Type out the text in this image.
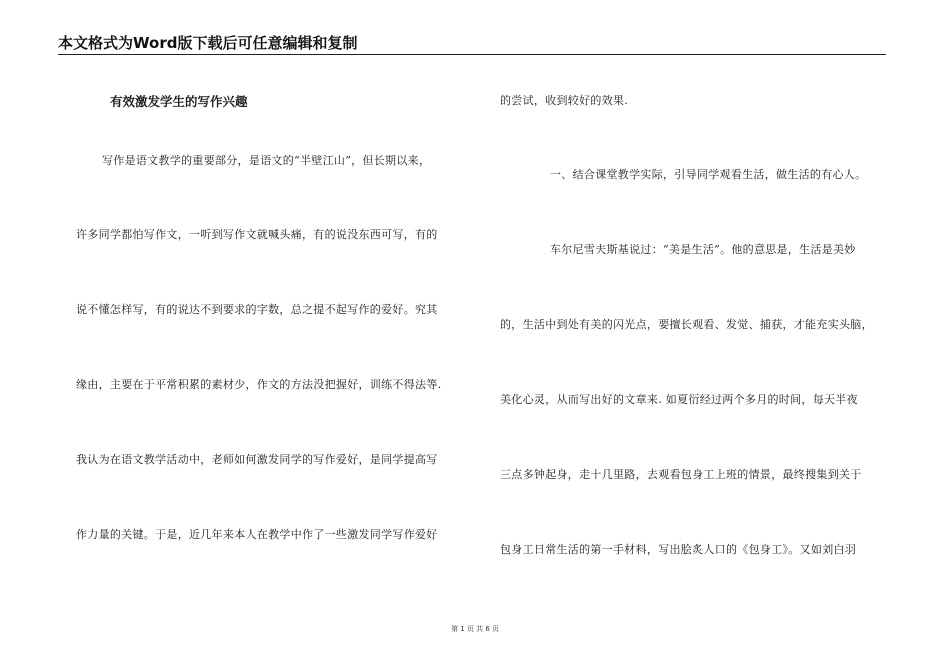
本文格式为Word版下载后可任意编辑和复制
有效激发学生的写作兴趣
写作是语文教学的重要部分，是语文的“半壁江山”，但长期以来，
许多同学都怕写作文，一听到写作文就喊头痛，有的说没东西可写，有的
说不懂怎样写，有的说达不到要求的字数，总之提不起写作的爱好。究其
缘由，主要在于平常积累的素材少，作文的方法没把握好，训练不得法等.
我认为在语文教学活动中，老师如何激发同学的写作爱好，是同学提高写
作力量的关键。于是，近几年来本人在教学中作了一些激发同学写作爱好
的尝试，收到较好的效果.
一、结合课堂教学实际，引导同学观看生活，做生活的有心人。
车尔尼雪夫斯基说过：“美是生活”。他的意思是，生活是美妙
的，生活中到处有美的闪光点，要擅长观看、发觉、捕获，才能充实头脑，
美化心灵，从而写出好的文章来. 如夏衍经过两个多月的时间，每天半夜
三点多钟起身，走十几里路，去观看包身工上班的情景，最终搜集到关于
包身工日常生活的第一手材料，写出脍炙人口的《包身工》。又如刘白羽
第 1 页 共 6 页
